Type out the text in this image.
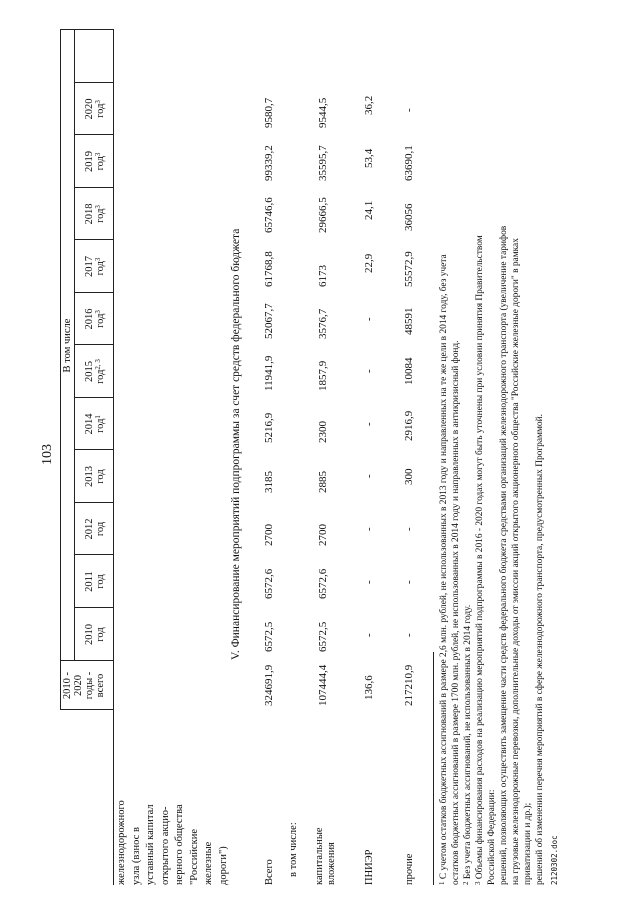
103
железнодорожного узла (взнос в уставный капитал открытого акцио- нерного общества "Российские железные дороги")
2010 - 2020 годы - всего
В том числе
2010
год
2011
год
2012
год
2013
год
2014
год$^1$
2015
год$^{2, 3}$
2016
год$^3$
2017
год$^3$
2018
год$^3$
2019
год$^3$
2020
год$^3$
V. Финансирование мероприятий подпрограммы за счет средств федерального бюджета
Всего
324691,9
6572,5
6572,6
2700
3185
5216,9
11941,9
52067,7
61768,8
65746,6
99339,2
9580,7
в том числе: капитальные вложения
107444,4
6572,5
6572,6
2700
2885
2300
1857,9
3576,7
6173
29666,5
35595,7
9544,5
ПНИЭР
136,6
-
-
-
-
-
-
-
22,9
24,1
53,4
36,2
прочие
217210,9
-
-
-
300
2916,9
10084
48591
55572,9
36056
63690,1
-
$^1$ С учетом остатков бюджетных ассигнований в размере 2,6 млн. рублей, не использованных в 2013 году и направленных на те же цели в 2014 году, без учета остатков бюджетных ассигнований в размере 1700 млн. рублей, не использованных в 2014 году и направленных в антикризисный фонд. $^2$ Без учета бюджетных ассигнований, не использованных в 2014 году.
$^3$ Объемы финансирования расходов на реализацию мероприятий подпрограммы в 2016 - 2020 годах могут быть уточнены при условии принятия Правительством Российской Федерации: решений, позволяющих осуществить замещение части средств федерального бюджета средствами организаций железнодорожного транспорта (увеличение тарифов на грузовые железнодорожные перевозки, дополнительные доходы от эмиссии акций открытого акционерного общества "Российские железные дороги" в рамках приватизации и др.); решений об изменении перечня мероприятий в сфере железнодорожного транспорта, предусмотренных Программой. 2120302.doc
